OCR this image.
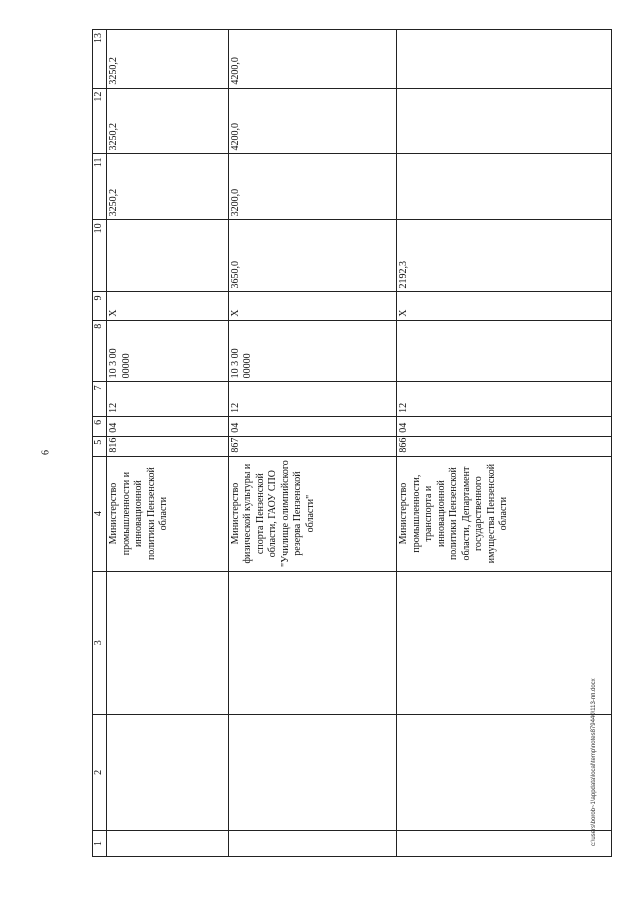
6
1	2	3	4	5	6	7	8	9	10	11	12	13
			Министерство промышленности и инновационной политики Пензенской области	816	04	12	10 3 00 00000	Х		3250,2	3250,2	3250,2
			Министерство физической культуры и спорта Пензенской области, ГАОУ СПО "Училище олимпийского резерва Пензенской области"	867	04	12	10 3 00 00000	Х	3650,0	3200,0	4200,0	4200,0
			Министерство промышленности, транспорта и инновационной политики Пензенской области, Департамент государственного имущества Пензенской области	866	04	12		Х	2192,3			
c:\users\borob~1\appdata\local\temp\notes879440\113-пп.docx
